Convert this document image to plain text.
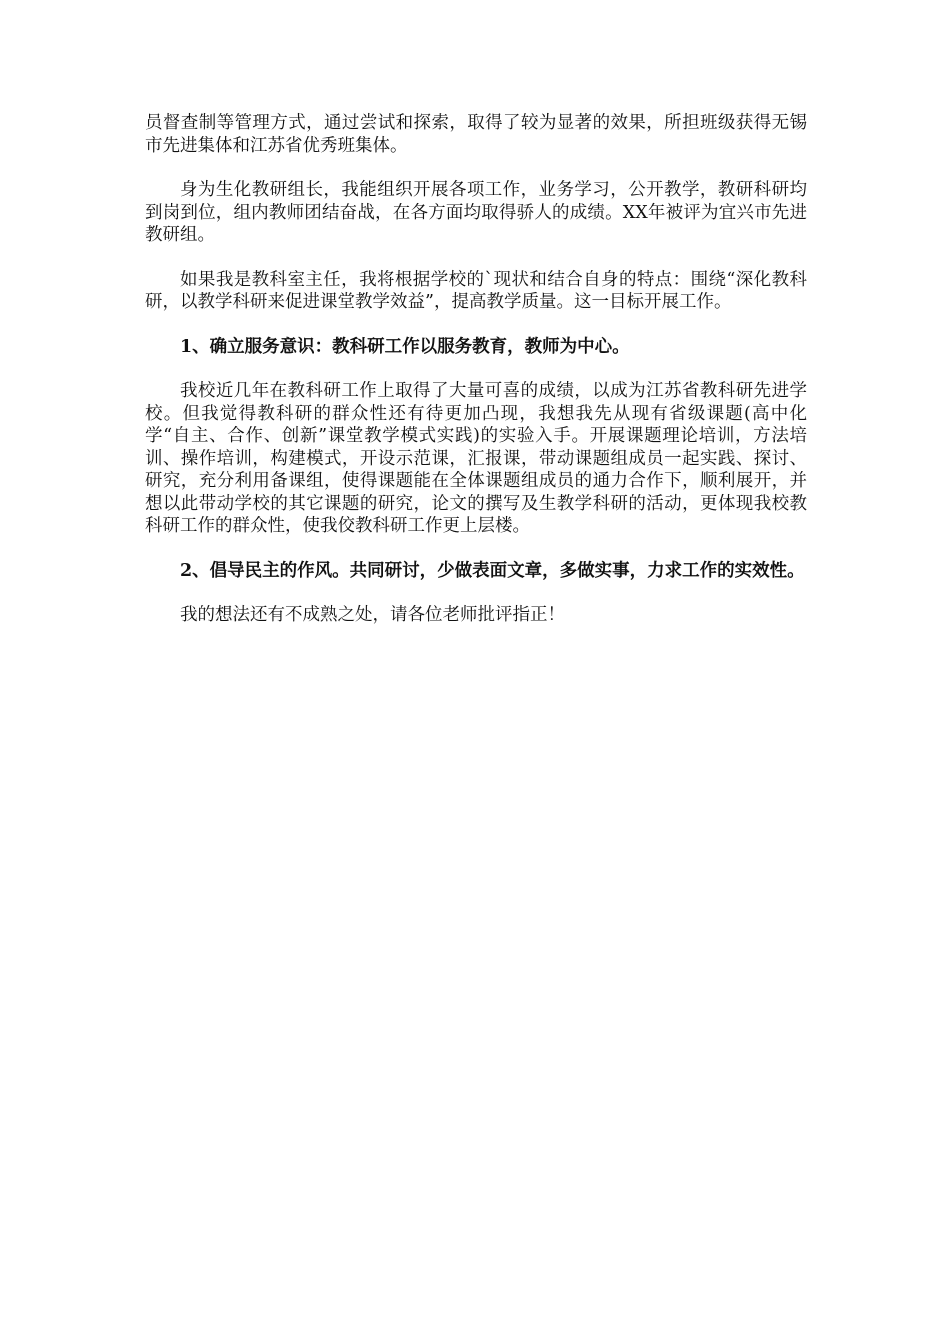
员督查制等管理方式，通过尝试和探索，取得了较为显著的效果，所担班级获得无锡市先进集体和江苏省优秀班集体。

身为生化教研组长，我能组织开展各项工作，业务学习，公开教学，教研科研均到岗到位，组内教师团结奋战，在各方面均取得骄人的成绩。XX年被评为宜兴市先进教研组。

如果我是教科室主任，我将根据学校的`现状和结合自身的特点：围绕“深化教科研，以教学科研来促进课堂教学效益”，提高教学质量。这一目标开展工作。

1、确立服务意识：教科研工作以服务教育，教师为中心。

我校近几年在教科研工作上取得了大量可喜的成绩，以成为江苏省教科研先进学校。但我觉得教科研的群众性还有待更加凸现，我想我先从现有省级课题(高中化学“自主、合作、创新”课堂教学模式实践)的实验入手。开展课题理论培训，方法培训、操作培训，构建模式，开设示范课，汇报课，带动课题组成员一起实践、探讨、研究，充分利用备课组，使得课题能在全体课题组成员的通力合作下，顺利展开，并想以此带动学校的其它课题的研究，论文的撰写及生教学科研的活动，更体现我校教科研工作的群众性，使我佼教科研工作更上层楼。

2、倡导民主的作风。共同研讨，少做表面文章，多做实事，力求工作的实效性。

我的想法还有不成熟之处，请各位老师批评指正！
